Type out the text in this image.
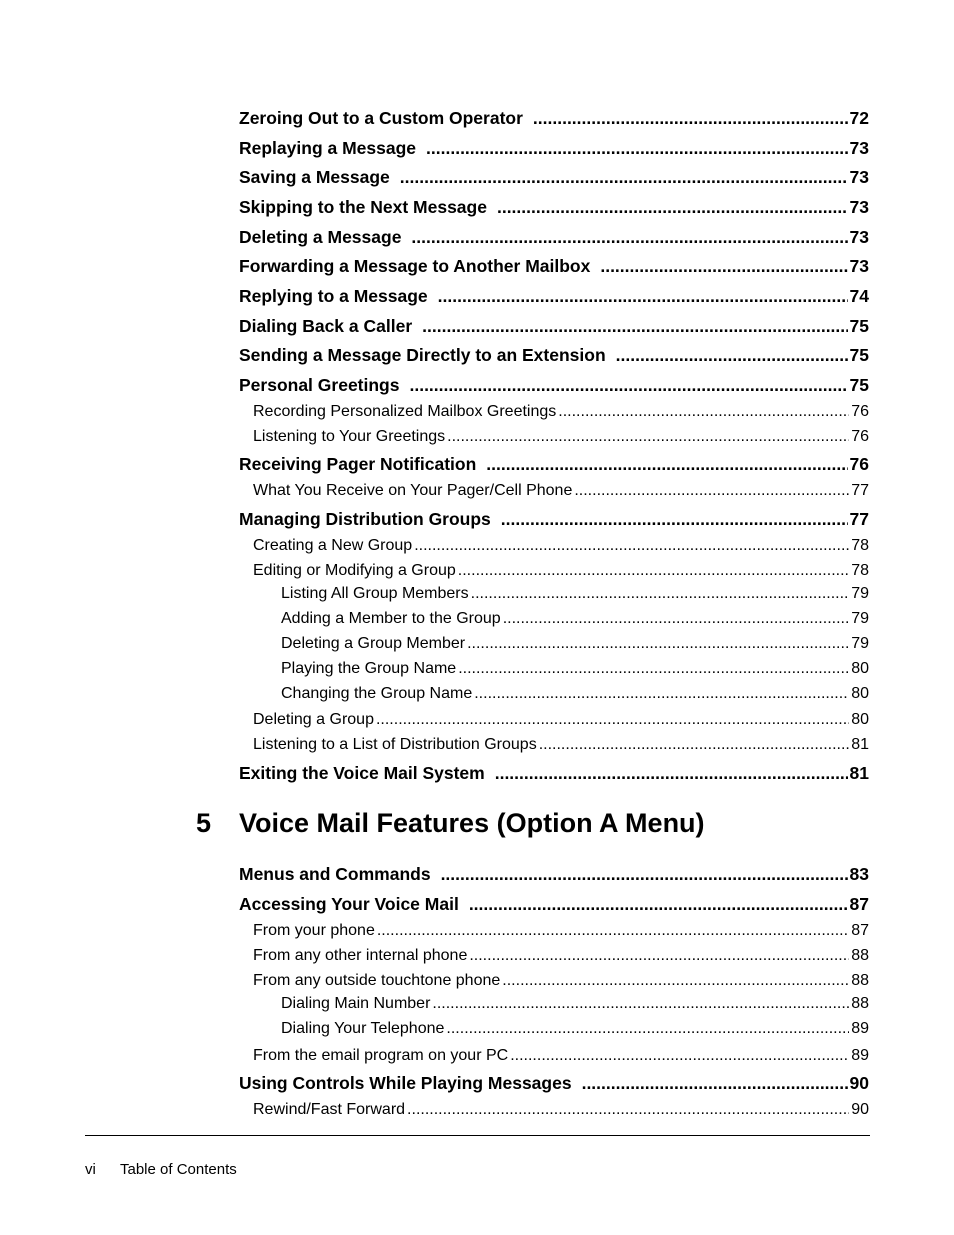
Zeroing Out to a Custom Operator .....	72
Replaying a Message .....	73
Saving a Message .....	73
Skipping to the Next Message .....	73
Deleting a Message .....	73
Forwarding a Message to Another Mailbox .....	73
Replying to a Message .....	74
Dialing Back a Caller .....	75
Sending a Message Directly to an Extension .....	75
Personal Greetings .....	75
Recording Personalized Mailbox Greetings .....	76
Listening to Your Greetings .....	76
Receiving Pager Notification .....	76
What You Receive on Your Pager/Cell Phone .....	77
Managing Distribution Groups .....	77
Creating a New Group .....	78
Editing or Modifying a Group .....	78
Listing All Group Members .....	79
Adding a Member to the Group .....	79
Deleting a Group Member .....	79
Playing the Group Name .....	80
Changing the Group Name .....	80
Deleting a Group .....	80
Listening to a List of Distribution Groups .....	81
Exiting the Voice Mail System .....	81
5 Voice Mail Features (Option A Menu)
Menus and Commands .....	83
Accessing Your Voice Mail .....	87
From your phone .....	87
From any other internal phone .....	88
From any outside touchtone phone .....	88
Dialing Main Number .....	88
Dialing Your Telephone .....	89
From the email program on your PC .....	89
Using Controls While Playing Messages .....	90
Rewind/Fast Forward .....	90
vi Table of Contents
